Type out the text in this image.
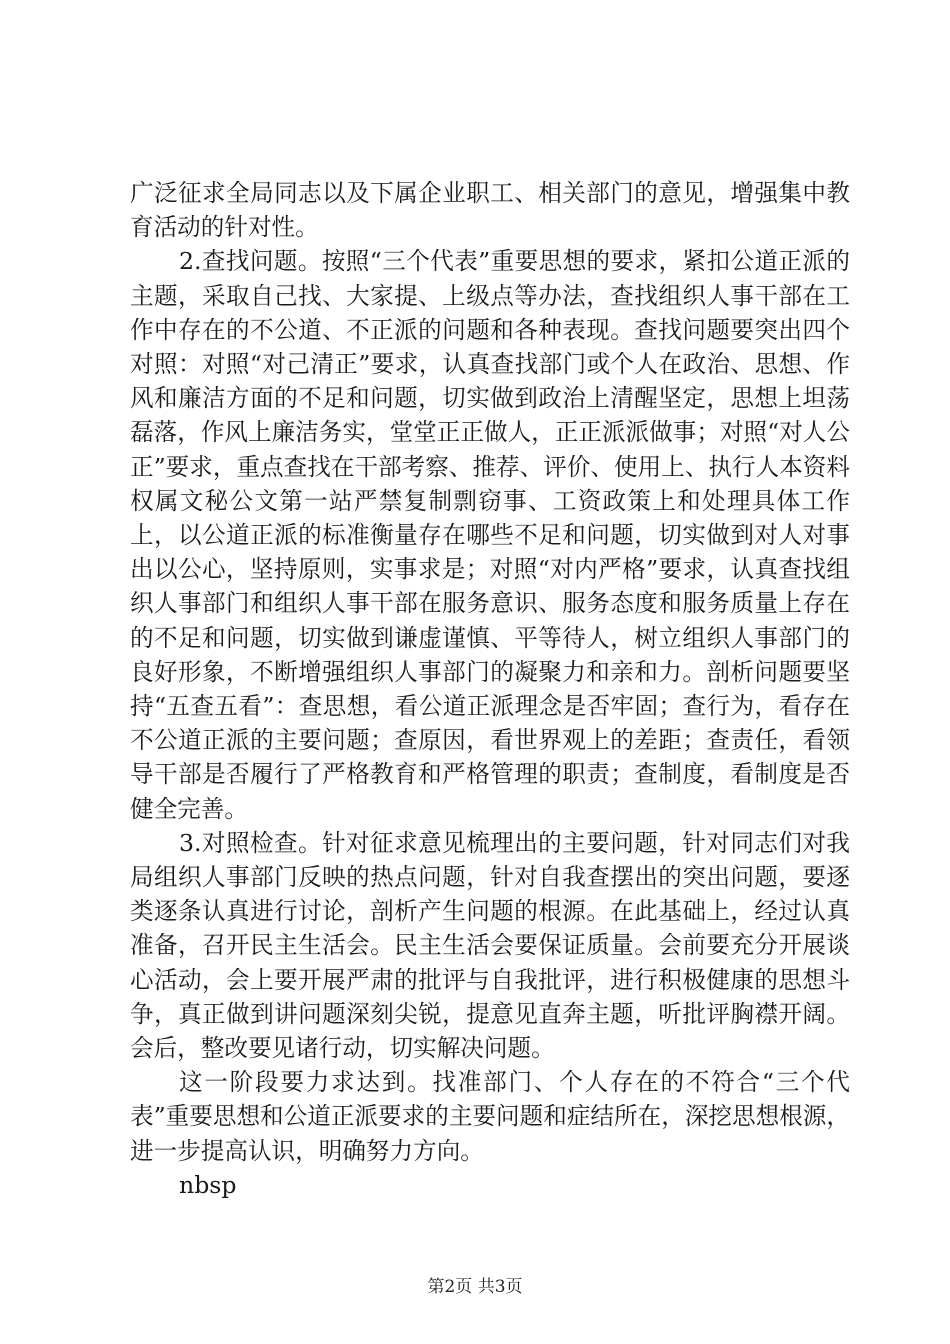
广泛征求全局同志以及下属企业职工、相关部门的意见，增强集中教育活动的针对性。

2.查找问题。按照“三个代表”重要思想的要求，紧扣公道正派的主题，采取自己找、大家提、上级点等办法，查找组织人事干部在工作中存在的不公道、不正派的问题和各种表现。查找问题要突出四个对照：对照“对己清正”要求，认真查找部门或个人在政治、思想、作风和廉洁方面的不足和问题，切实做到政治上清醒坚定，思想上坦荡磊落，作风上廉洁务实，堂堂正正做人，正正派派做事；对照“对人公正”要求，重点查找在干部考察、推荐、评价、使用上、执行人本资料权属文秘公文第一站严禁复制剽窃事、工资政策上和处理具体工作上，以公道正派的标准衡量存在哪些不足和问题，切实做到对人对事出以公心，坚持原则，实事求是；对照“对内严格”要求，认真查找组织人事部门和组织人事干部在服务意识、服务态度和服务质量上存在的不足和问题，切实做到谦虚谨慎、平等待人，树立组织人事部门的良好形象，不断增强组织人事部门的凝聚力和亲和力。剖析问题要坚持“五查五看”：查思想，看公道正派理念是否牢固；查行为，看存在不公道正派的主要问题；查原因，看世界观上的差距；查责任，看领导干部是否履行了严格教育和严格管理的职责；查制度，看制度是否健全完善。

3.对照检查。针对征求意见梳理出的主要问题，针对同志们对我局组织人事部门反映的热点问题，针对自我查摆出的突出问题，要逐类逐条认真进行讨论，剖析产生问题的根源。在此基础上，经过认真准备，召开民主生活会。民主生活会要保证质量。会前要充分开展谈心活动，会上要开展严肃的批评与自我批评，进行积极健康的思想斗争，真正做到讲问题深刻尖锐，提意见直奔主题，听批评胸襟开阔。会后，整改要见诸行动，切实解决问题。

这一阶段要力求达到。找准部门、个人存在的不符合“三个代表”重要思想和公道正派要求的主要问题和症结所在，深挖思想根源，进一步提高认识，明确努力方向。

nbsp

第2页 共3页
